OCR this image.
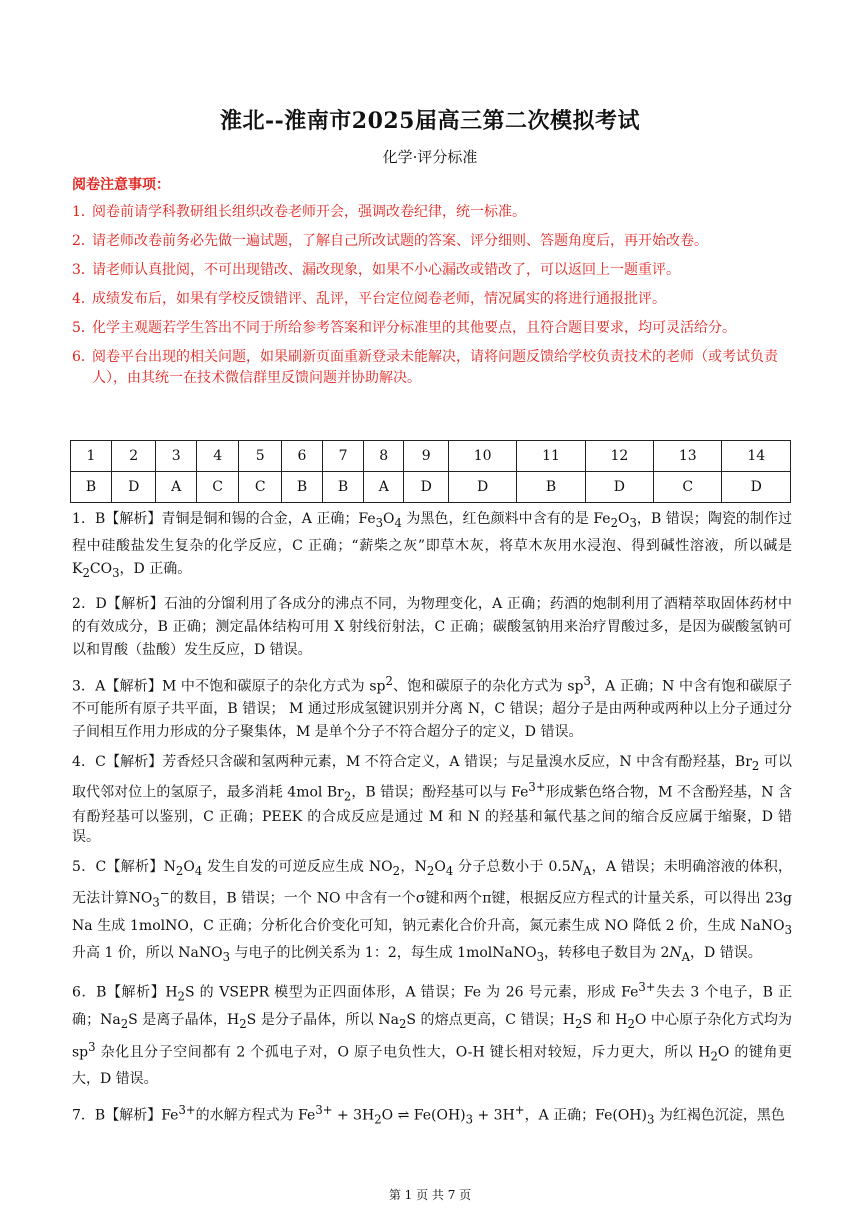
淮北--淮南市2025届高三第二次模拟考试
化学·评分标准
阅卷注意事项：
1．
阅卷前请学科教研组长组织改卷老师开会，强调改卷纪律，统一标准。
2．
请老师改卷前务必先做一遍试题，了解自己所改试题的答案、评分细则、答题角度后，再开始改卷。
3．
请老师认真批阅，不可出现错改、漏改现象，如果不小心漏改或错改了，可以返回上一题重评。
4．
成绩发布后，如果有学校反馈错评、乱评，平台定位阅卷老师，情况属实的将进行通报批评。
5．
化学主观题若学生答出不同于所给参考答案和评分标准里的其他要点，且符合题目要求，均可灵活给分。
6．
阅卷平台出现的相关问题，如果刷新页面重新登录未能解决，请将问题反馈给学校负责技术的老师（或考试负责人），由其统一在技术微信群里反馈问题并协助解决。
1	2	3	4	5	6	7	8	9	10	11	12	13	14
B	D	A	C	C	B	B	A	D	D	B	D	C	D
1．B【解析】青铜是铜和锡的合金，A 正确；$Fe_3O_4$ 为黑色，红色颜料中含有的是 $Fe_2O_3$，B 错误；陶瓷的制作过程中硅酸盐发生复杂的化学反应，C 正确；“薪柴之灰”即草木灰，将草木灰用水浸泡、得到碱性溶液，所以碱是 $K_2CO_3$，D 正确。
2．D【解析】石油的分馏利用了各成分的沸点不同，为物理变化，A 正确；药酒的炮制利用了酒精萃取固体药材中的有效成分，B 正确；测定晶体结构可用 X 射线衍射法，C 正确；碳酸氢钠用来治疗胃酸过多，是因为碳酸氢钠可以和胃酸（盐酸）发生反应，D 错误。
3．A【解析】M 中不饱和碳原子的杂化方式为 $sp^2$、饱和碳原子的杂化方式为 $sp^3$，A 正确；N 中含有饱和碳原子不可能所有原子共平面，B 错误； M 通过形成氢键识别并分离 N，C 错误；超分子是由两种或两种以上分子通过分子间相互作用力形成的分子聚集体，M 是单个分子不符合超分子的定义，D 错误。
4．C【解析】芳香烃只含碳和氢两种元素，M 不符合定义，A 错误；与足量溴水反应，N 中含有酚羟基，$Br_2$ 可以取代邻对位上的氢原子，最多消耗 4mol $Br_2$，B 错误；酚羟基可以与 $Fe^{3+}$形成紫色络合物，M 不含酚羟基，N 含有酚羟基可以鉴别，C 正确；PEEK 的合成反应是通过 M 和 N 的羟基和氟代基之间的缩合反应属于缩聚，D 错误。
5．C【解析】$N_2O_4$ 发生自发的可逆反应生成 $NO_2$，$N_2O_4$ 分子总数小于 $0.5N_A$，A 错误；未明确溶液的体积，无法计算$NO_3^-$的数目，B 错误；一个 NO 中含有一个σ键和两个π键，根据反应方程式的计量关系，可以得出 23g Na 生成 1molNO，C 正确；分析化合价变化可知，钠元素化合价升高，氮元素生成 NO 降低 2 价，生成 NaNO$_3$ 升高 1 价，所以 NaNO$_3$ 与电子的比例关系为 1：2，每生成 1molNaNO$_3$，转移电子数目为 $2N_A$，D 错误。
6．B【解析】$H_2S$ 的 VSEPR 模型为正四面体形，A 错误；Fe 为 26 号元素，形成 $Fe^{3+}$失去 3 个电子，B 正确；$Na_2S$ 是离子晶体，$H_2S$ 是分子晶体，所以 $Na_2S$ 的熔点更高，C 错误；$H_2S$ 和 $H_2O$ 中心原子杂化方式均为 $sp^3$ 杂化且分子空间都有 2 个孤电子对，O 原子电负性大，O-H 键长相对较短，斥力更大，所以 $H_2O$ 的键角更大，D 错误。
7．B【解析】$Fe^{3+}$的水解方程式为 $Fe^{3+} + 3H_2O$ ⇌ $Fe(OH)_3 + 3H^+$，A 正确；$Fe(OH)_3$ 为红褐色沉淀，黑色
第 1 页 共 7 页
